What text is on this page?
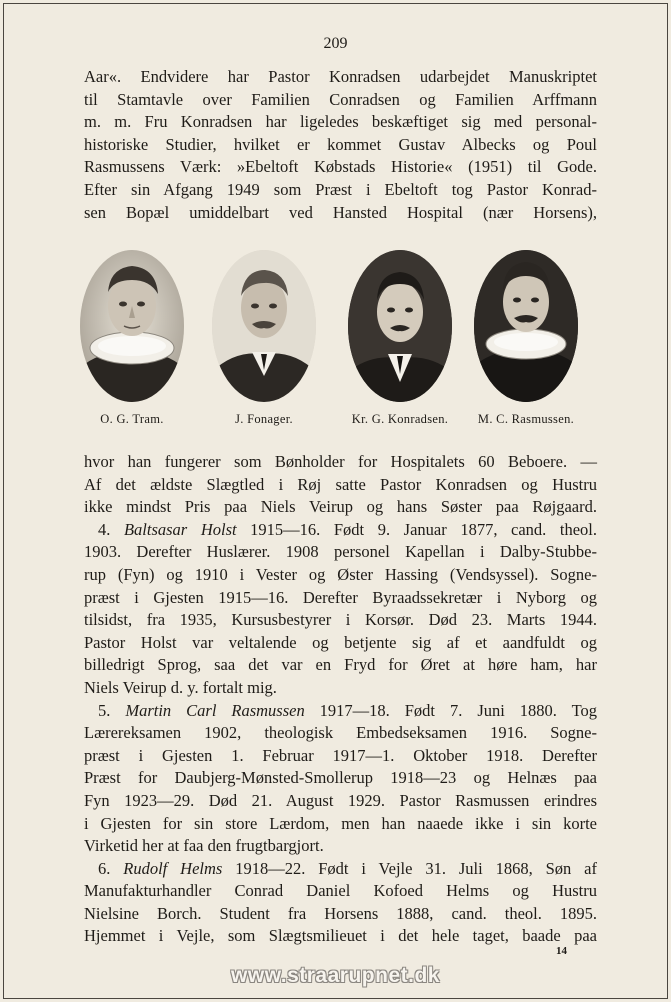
209

Aar«. Endvidere har Pastor Konradsen udarbejdet Manuskriptet
til Stamtavle over Familien Conradsen og Familien Arffmann
m. m. Fru Konradsen har ligeledes beskæftiget sig med personal-
historiske Studier, hvilket er kommet Gustav Albecks og Poul
Rasmussens Værk: »Ebeltoft Købstads Historie« (1951) til Gode.
Efter sin Afgang 1949 som Præst i Ebeltoft tog Pastor Konrad-
sen Bopæl umiddelbart ved Hansted Hospital (nær Horsens),

O. G. Tram.	J. Fonager.	Kr. G. Konradsen.	M. C. Rasmussen.

hvor han fungerer som Bønholder for Hospitalets 60 Beboere. —
Af det ældste Slægtled i Røj satte Pastor Konradsen og Hustru
ikke mindst Pris paa Niels Veirup og hans Søster paa Røjgaard.

4. Baltsasar Holst 1915—16. Født 9. Januar 1877, cand. theol.
1903. Derefter Huslærer. 1908 personel Kapellan i Dalby-Stubbe-
rup (Fyn) og 1910 i Vester og Øster Hassing (Vendsyssel). Sogne-
præst i Gjesten 1915—16. Derefter Byraadssekretær i Nyborg og
tilsidst, fra 1935, Kursusbestyrer i Korsør. Død 23. Marts 1944.
Pastor Holst var veltalende og betjente sig af et aandfuldt og
billedrigt Sprog, saa det var en Fryd for Øret at høre ham, har
Niels Veirup d. y. fortalt mig.

5. Martin Carl Rasmussen 1917—18. Født 7. Juni 1880. Tog
Lærereksamen 1902, theologisk Embedseksamen 1916. Sogne-
præst i Gjesten 1. Februar 1917—1. Oktober 1918. Derefter
Præst for Daubjerg-Mønsted-Smollerup 1918—23 og Helnæs paa
Fyn 1923—29. Død 21. August 1929. Pastor Rasmussen erindres
i Gjesten for sin store Lærdom, men han naaede ikke i sin korte
Virketid her at faa den frugtbargjort.

6. Rudolf Helms 1918—22. Født i Vejle 31. Juli 1868, Søn af
Manufakturhandler Conrad Daniel Kofoed Helms og Hustru
Nielsine Borch. Student fra Horsens 1888, cand. theol. 1895.
Hjemmet i Vejle, som Slægtsmilieuet i det hele taget, baade paa

14
www.straarupnet.dk
